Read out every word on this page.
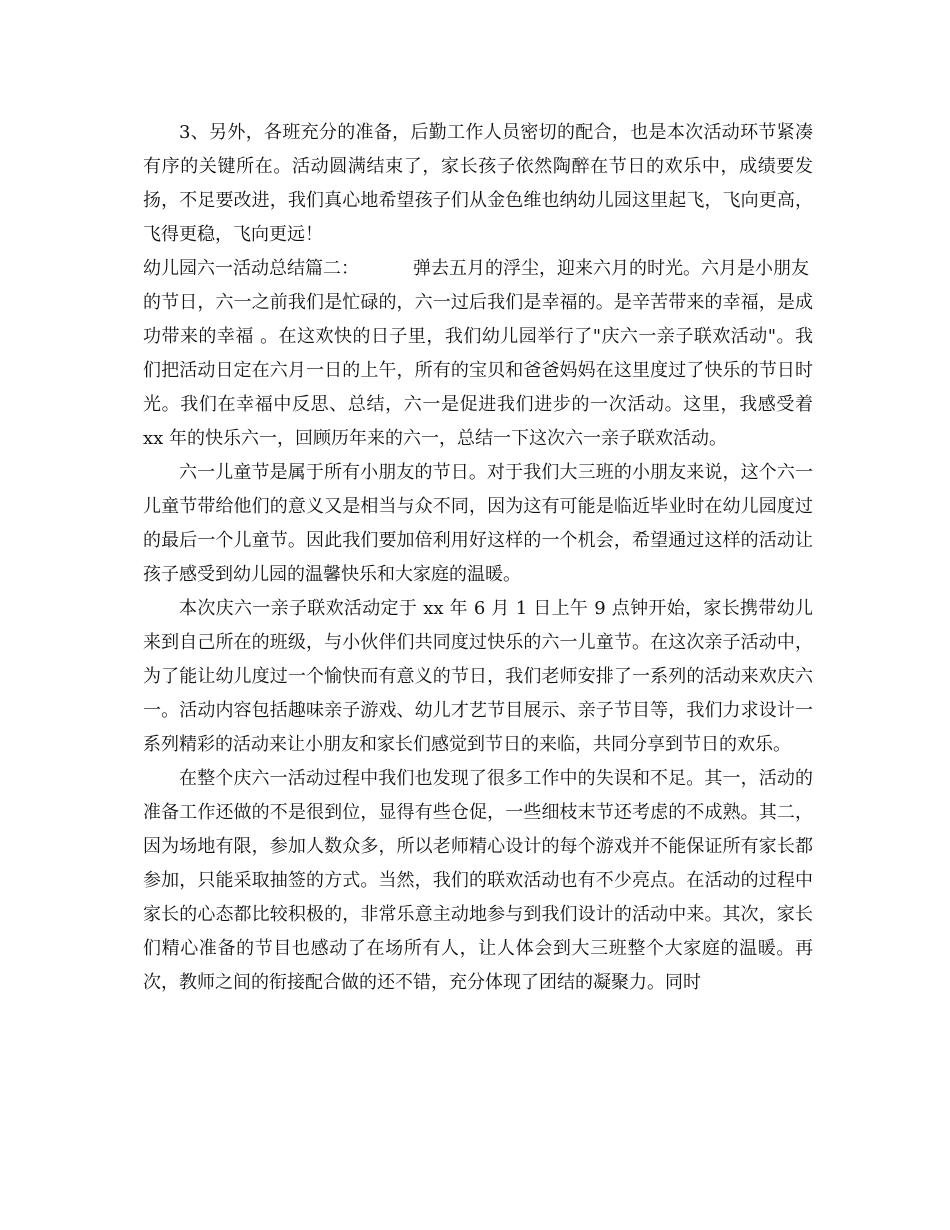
3、另外，各班充分的准备，后勤工作人员密切的配合，也是本次活动环节紧凑有序的关键所在。活动圆满结束了，家长孩子依然陶醉在节日的欢乐中，成绩要发扬，不足要改进，我们真心地希望孩子们从金色维也纳幼儿园这里起飞，飞向更高，飞得更稳，飞向更远！

幼儿园六一活动总结篇二：	弹去五月的浮尘，迎来六月的时光。六月是小朋友

的节日，六一之前我们是忙碌的，六一过后我们是幸福的。是辛苦带来的幸福，是成功带来的幸福 。在这欢快的日子里，我们幼儿园举行了"庆六一亲子联欢活动"。我们把活动日定在六月一日的上午，所有的宝贝和爸爸妈妈在这里度过了快乐的节日时光。我们在幸福中反思、总结，六一是促进我们进步的一次活动。这里，我感受着 xx 年的快乐六一，回顾历年来的六一，总结一下这次六一亲子联欢活动。

六一儿童节是属于所有小朋友的节日。对于我们大三班的小朋友来说，这个六一儿童节带给他们的意义又是相当与众不同，因为这有可能是临近毕业时在幼儿园度过的最后一个儿童节。因此我们要加倍利用好这样的一个机会，希望通过这样的活动让孩子感受到幼儿园的温馨快乐和大家庭的温暖。

本次庆六一亲子联欢活动定于 xx 年 6 月 1 日上午 9 点钟开始，家长携带幼儿来到自己所在的班级，与小伙伴们共同度过快乐的六一儿童节。在这次亲子活动中，为了能让幼儿度过一个愉快而有意义的节日，我们老师安排了一系列的活动来欢庆六一。活动内容包括趣味亲子游戏、幼儿才艺节目展示、亲子节目等，我们力求设计一系列精彩的活动来让小朋友和家长们感觉到节日的来临，共同分享到节日的欢乐。

在整个庆六一活动过程中我们也发现了很多工作中的失误和不足。其一，活动的准备工作还做的不是很到位，显得有些仓促，一些细枝末节还考虑的不成熟。其二，因为场地有限，参加人数众多，所以老师精心设计的每个游戏并不能保证所有家长都参加，只能采取抽签的方式。当然，我们的联欢活动也有不少亮点。在活动的过程中家长的心态都比较积极的，非常乐意主动地参与到我们设计的活动中来。其次，家长们精心准备的节目也感动了在场所有人，让人体会到大三班整个大家庭的温暖。再次，教师之间的衔接配合做的还不错，充分体现了团结的凝聚力。同时
